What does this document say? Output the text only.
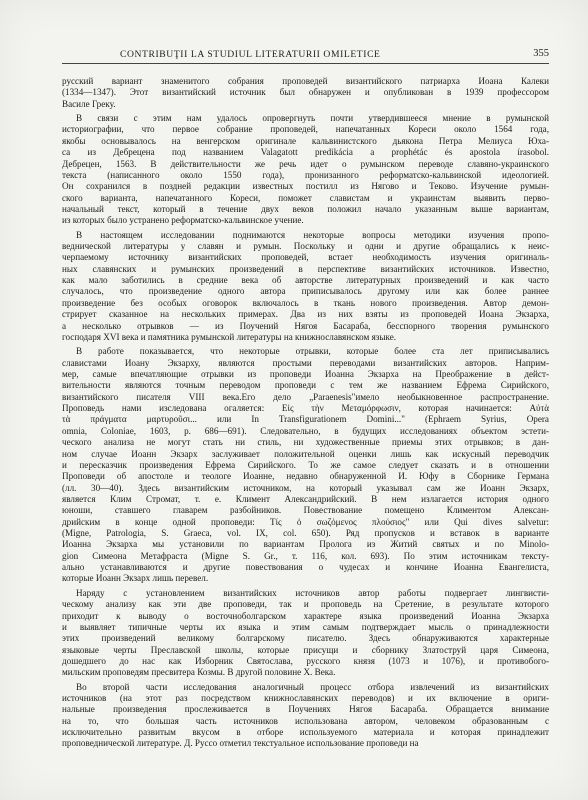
CONTRIBUŢII LA STUDIUL LITERATURII OMILETICE	355
русский вариант знаменитого собрания проповедей византийского патриарха Иоана Калеки
(1334—1347). Этот византийский источник был обнаружен и опубликован в 1939 профессором
Василе Греку.
В связи с этим нам удалось опровергнуть почти утвердившееся мнение в румынской
историографии, что первое собрание проповедей, напечатанных Кореси около 1564 года,
якобы основывалось на венгерском оригинале кальвинистского дьякона Петра Мелиуса Юха-
са из Дебрецена под названием Valagatott predikácia a prophétác és apostola írasobol.
Дебрецен, 1563. В действительности же речь идет о румынском переводе славяно-украинского
текста (написанного около 1550 года), пронизанного реформатско-кальвинской идеологией.
Он сохранился в поздней редакции известных постилл из Нягово и Теково. Изучение румын-
ского варианта, напечатанного Кореси, поможет славистам и украинстам выявить перво-
начальный текст, который в течение двух веков положил начало указанным выше вариантам,
из которых было устранено реформатско-кальвинское учение.
В настоящем исследовании поднимаются некоторые вопросы методики изучения пропо-
веднической литературы у славян и румын. Поскольку и одни и другие обращались к неис-
черпаемому источнику византийских проповедей, встает необходимость изучения оригиналь-
ных славянских и румынских произведений в перспективе византийских источников. Известно,
как мало заботились в средние века об авторстве литературных произведений и как часто
случалось, что произведение одного автора приписывалось другому или как более раннее
произведение без особых оговорок включалось в ткань нового произведения. Автор демон-
стрирует сказанное на нескольких примерах. Два из них взяты из проповедей Иоана Экзарха,
а несколько отрывков — из Поучений Нягоя Басараба, бесспорного творения румынского
господаря XVI века и памятника румынской литературы на книжнославянском языке.
В работе показывается, что некоторые отрывки, которые более ста лет приписывались
славистами Иоану Экзарху, являются простыми переводами византийских авторов. Наприм-
мер, самые впечатляющие отрывки из проповеди Иоанна Экзарха на Преображение в дейст-
вительности являются точным переводом проповеди с тем же названием Ефрема Сирийского,
византийского писателя VIII века.Его дело „Paraenesis"имело необыкновенное распространение.
Проповедь нами изследована огаляется: Εἰς τὴν Μεταμόρφωσιν, которая начинается: Αὐτὰ
τὰ πράγματα μαρτυροῦσι... или In Transfigurationem Domini..." (Ephraem Syrius, Opera
omnia, Coloniae, 1603, p. 686—691). Следовательно, в будущих исследованиях объектом эстети-
ческого анализа не могут стать ни стиль, ни художественные приемы этих отрывков; в дан-
ном случае Иоанн Экзарх заслуживает положительной оценки лишь как искусный переводчик
и пересказчик произведения Ефрема Сирийского. То же самое следует сказать и в отношении
Проповеди об апостоле и теологе Иоанне, недавно обнаруженной И. Юфу в Сборнике Германа
(лл. 30—40). Здесь византийским источником, на который указывал сам же Иоанн Экзарх,
является Клим Стромат, т. е. Климент Александрийский. В нем излагается история одного
юноши, ставшего главарем разбойников. Повествование помещено Климентом Алексан-
дрийским в конце одной проповеди: Τίς ὁ σωζόμενος πλούσιος" или Qui dives salvetur:
(Migne, Patrologia, S. Graeca, vol. IX, col. 650). Ряд пропусков и вставок в варианте
Иоанна Экзарха мы установили по вариантам Пролога из Житий святых и по Minolo-
gion Симеона Метафраста (Migne S. Gr., т. 116, кол. 693). По этим источникам тексту-
ально устанавливаются и другие повествования о чудесах и кончине Иоанна Евангелиста,
которые Иоанн Экзарх лишь перевел.
Наряду с установлением византийских источников автор работы подвергает лингвисти-
ческому анализу как эти две проповеди, так и проповедь на Сретение, в результате которого
приходит к выводу о восточноболгарском характере языка произведений Иоанна Экзарха
и выявляет типичные черты их языка и этим самым подтверждает мысль о принадлежности
этих произведений великому болгарскому писателю. Здесь обнаруживаются характерные
языковые черты Преславской школы, которые присущи и сборнику Златоструй царя Симеона,
дошедшего до нас как Изборник Святослава, русского князя (1073 и 1076), и противобого-
мильским проповедям пресвитера Козмы. В другой половине X. Века.
Во второй части исследования аналогичный процесс отбора извлечений из византийских
источников (на этот раз посредством книжнославянских переводов) и их включение в ориги-
нальные произведения прослеживается в Поучениях Нягоя Басараба. Обращается внимание
на то, что большая часть источников использована автором, человеком образованным с
исключительно развитым вкусом в отборе используемого материала и которая принадлежит
проповеднической литературе. Д. Руссо отметил текстуальное использование проповеди на
